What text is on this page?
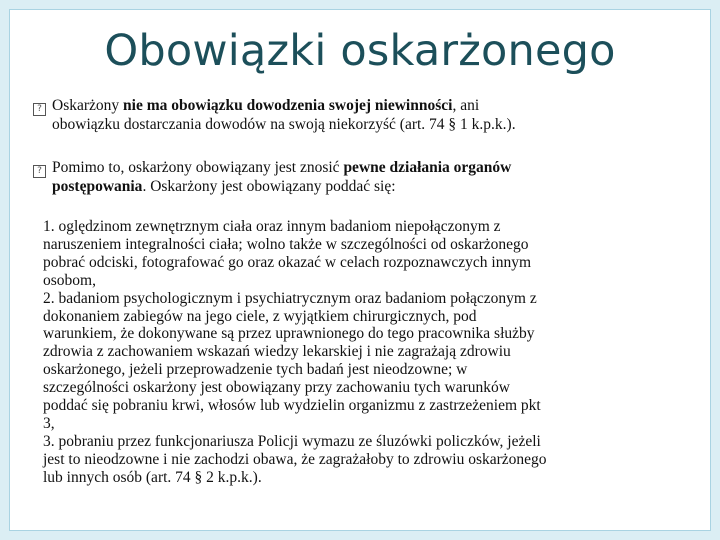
Obowiązki oskarżonego
? Oskarżony nie ma obowiązku dowodzenia swojej niewinności, ani
obowiązku dostarczania dowodów na swoją niekorzyść (art. 74 § 1 k.p.k.).
? Pomimo to, oskarżony obowiązany jest znosić pewne działania organów
postępowania. Oskarżony jest obowiązany poddać się:
1. oględzinom zewnętrznym ciała oraz innym badaniom niepołączonym z
naruszeniem integralności ciała; wolno także w szczególności od oskarżonego
pobrać odciski, fotografować go oraz okazać w celach rozpoznawczych innym
osobom,
2. badaniom psychologicznym i psychiatrycznym oraz badaniom połączonym z
dokonaniem zabiegów na jego ciele, z wyjątkiem chirurgicznych, pod
warunkiem, że dokonywane są przez uprawnionego do tego pracownika służby
zdrowia z zachowaniem wskazań wiedzy lekarskiej i nie zagrażają zdrowiu
oskarżonego, jeżeli przeprowadzenie tych badań jest nieodzowne; w
szczególności oskarżony jest obowiązany przy zachowaniu tych warunków
poddać się pobraniu krwi, włosów lub wydzielin organizmu z zastrzeżeniem pkt
3,
3. pobraniu przez funkcjonariusza Policji wymazu ze śluzówki policzków, jeżeli
jest to nieodzowne i nie zachodzi obawa, że zagrażałoby to zdrowiu oskarżonego
lub innych osób (art. 74 § 2 k.p.k.).
